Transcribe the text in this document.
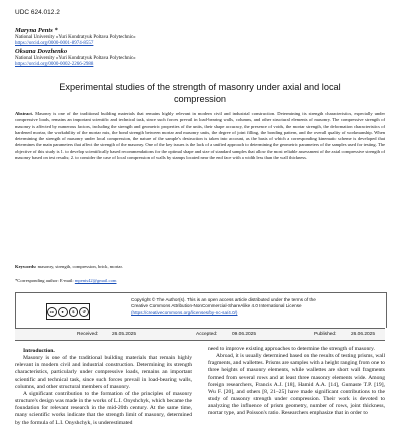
UDC 624.012.2
Maryna Pents *
National University «Yuri Kondratyuk Poltava Polytechnic»
https://orcid.org/0000-0001-8974-8557
Oksana Dovzhenko
National University «Yuri Kondratyuk Poltava Polytechnic»
https://orcid.org/0000-0002-2266-2988
Experimental studies of the strength of masonry under axial and local compression
Abstract. Masonry is one of the traditional building materials that remains highly relevant in modern civil and industrial construction. Determining its strength characteristics, especially under compressive loads, remains an important scientific and technical task, since such forces prevail in load-bearing walls, columns, and other structural elements of masonry. The compressive strength of masonry is affected by numerous factors, including the strength and geometric properties of the units, their shape accuracy, the presence of voids, the mortar strength, the deformation characteristics of hardened mortar, the workability of the mortar mix, the bond strength between mortar and masonry units, the degree of joint filling, the bonding pattern, and the overall quality of workmanship. When determining the strength of masonry under local compression, the nature of the sample's destruction is taken into account, as the basis of which a corresponding kinematic scheme is developed that determines the main parameters that affect the strength of the masonry. One of the key issues is the lack of a unified approach to determining the geometric parameters of the samples used for testing. The objective of this study is 1. to develop scientifically based recommendations for the optimal shape and size of standard samples that allow the most reliable assessment of the axial compressive strength of masonry based on test results; 2. to consider the case of local compression of walls by stamps located near the end face with a width less than the wall thickness.
Keywords: masonry, strength, compression, brick, mortar.
*Corresponding author: E-mail: mpents42@gmail.com
cc	●	$	↺
Copyright © The Author(s). This is an open access article distributed under the terms of the
Creative Commons Attribution-NonCommercial-ShareAlike 4.0 International License
(https://creativecommons.org/licenses/by-nc-sa/4.0/)
Received:	26.05.2025	Accepted:	09.06.2025	Published:	26.06.2025
Introduction.

Masonry is one of the traditional building materials that remain highly relevant in modern civil and industrial construction. Determining its strength characteristics, particularly under compressive loads, remains an important scientific and technical task, since such forces prevail in load-bearing walls, columns, and other structural members of masonry.

A significant contribution to the formation of the principles of masonry structure's design was made in the works of L.I. Onyshchyk, which became the foundation for relevant research in the mid-20th century. At the same time, many scientific works indicate that the strength limit of masonry, determined by the formula of L.I. Onyshchyk, is underestimated

need to improve existing approaches to determine the strength of masonry.

Abroad, it is usually determined based on the results of testing prisms, wall fragments, and wallettes. Prisms are samples with a height ranging from one to three heights of masonry elements, while wallettes are short wall fragments formed from several rows and at least three masonry elements wide. Among foreign researchers, Francis A.J. [18], Hamid A.A. [14], Gumaste T.P. [19], Wu F. [20], and others [8, 21–25] have made significant contributions to the study of masonry strength under compression. Their work is devoted to analyzing the influence of prism geometry, number of rows, joint thickness, mortar type, and Poisson's ratio. Researchers emphasize that in order to
